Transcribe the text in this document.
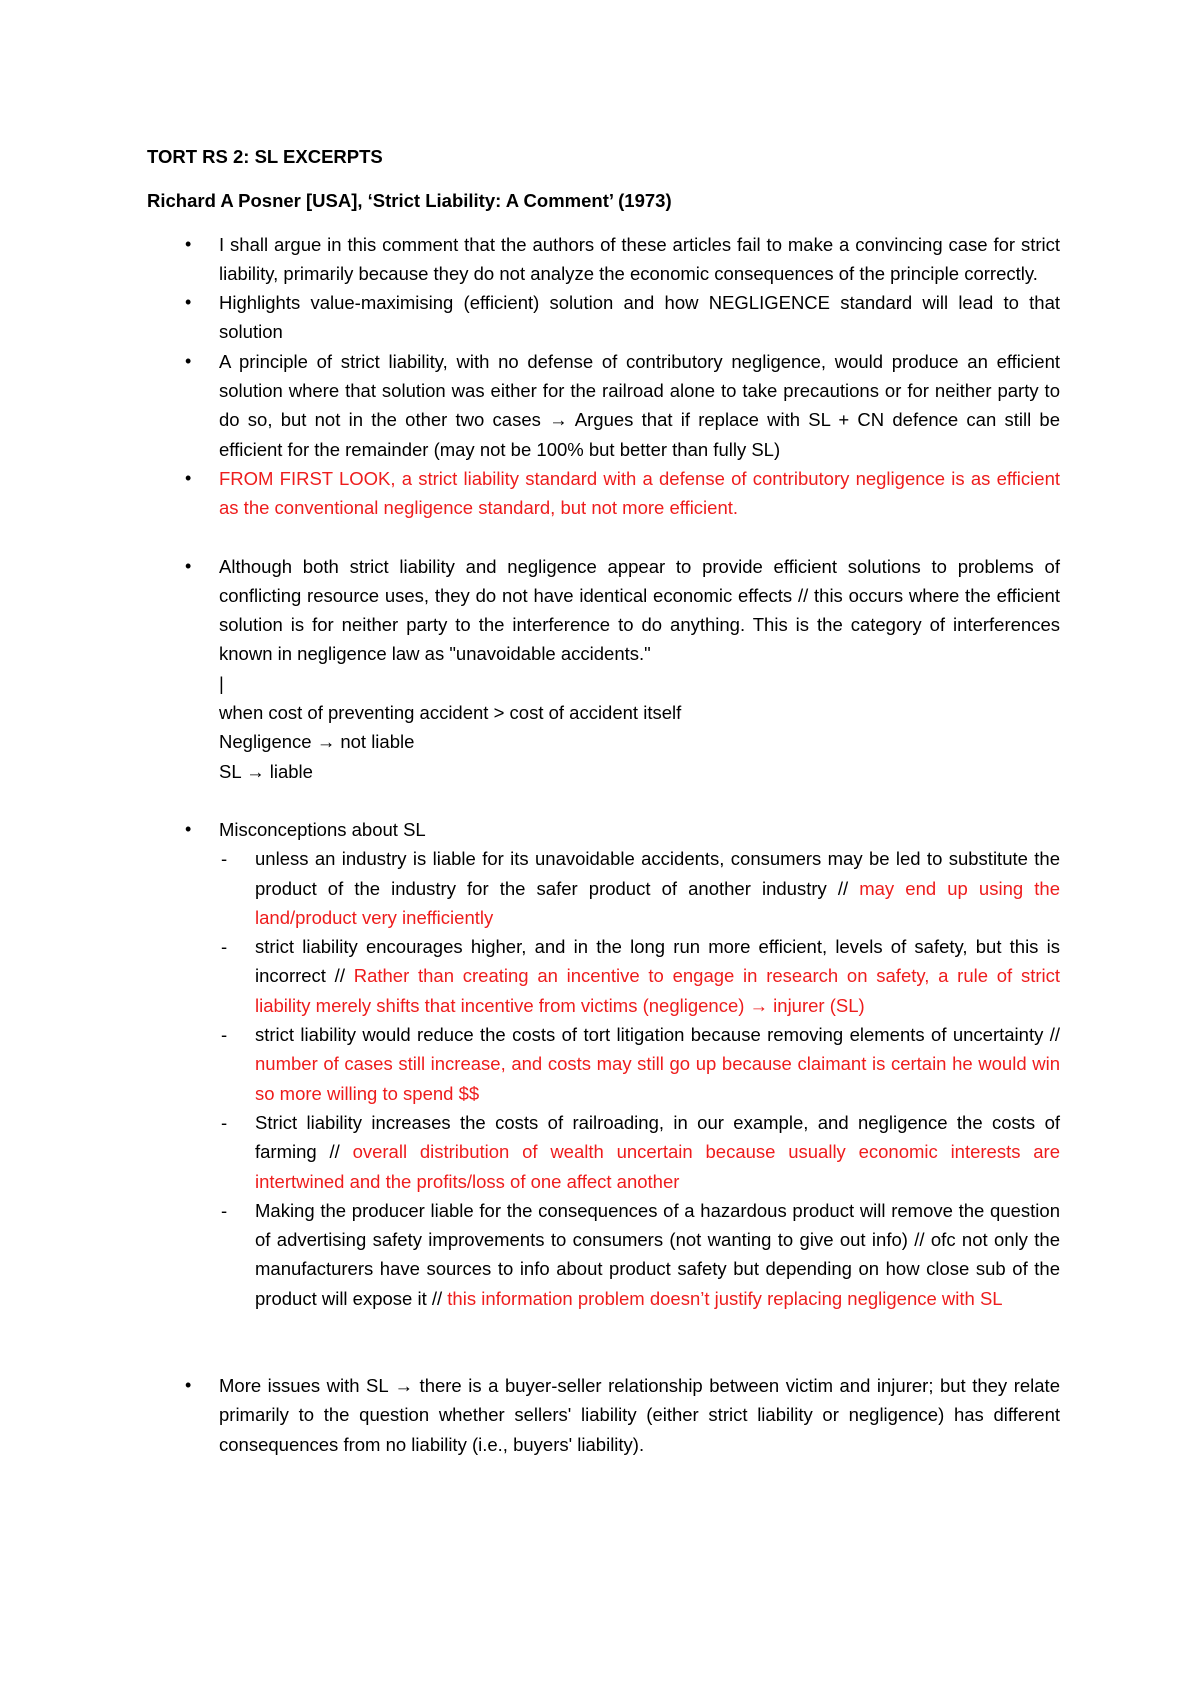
TORT RS 2: SL EXCERPTS
Richard A Posner [USA], ‘Strict Liability: A Comment’ (1973)
• I shall argue in this comment that the authors of these articles fail to make a convincing case for strict liability, primarily because they do not analyze the economic consequences of the principle correctly.
• Highlights value-maximising (efficient) solution and how NEGLIGENCE standard will lead to that solution
• A principle of strict liability, with no defense of contributory negligence, would produce an efficient solution where that solution was either for the railroad alone to take precautions or for neither party to do so, but not in the other two cases → Argues that if replace with SL + CN defence can still be efficient for the remainder (may not be 100% but better than fully SL)
• FROM FIRST LOOK, a strict liability standard with a defense of contributory negligence is as efficient as the conventional negligence standard, but not more efficient.
• Although both strict liability and negligence appear to provide efficient solutions to problems of conflicting resource uses, they do not have identical economic effects // this occurs where the efficient solution is for neither party to the interference to do anything. This is the category of interferences known in negligence law as "unavoidable accidents."
|
when cost of preventing accident > cost of accident itself
Negligence → not liable
SL → liable
• Misconceptions about SL
- unless an industry is liable for its unavoidable accidents, consumers may be led to substitute the product of the industry for the safer product of another industry // may end up using the land/product very inefficiently
- strict liability encourages higher, and in the long run more efficient, levels of safety, but this is incorrect // Rather than creating an incentive to engage in research on safety, a rule of strict liability merely shifts that incentive from victims (negligence) → injurer (SL)
- strict liability would reduce the costs of tort litigation because removing elements of uncertainty // number of cases still increase, and costs may still go up because claimant is certain he would win so more willing to spend $$
- Strict liability increases the costs of railroading, in our example, and negligence the costs of farming // overall distribution of wealth uncertain because usually economic interests are intertwined and the profits/loss of one affect another
- Making the producer liable for the consequences of a hazardous product will remove the question of advertising safety improvements to consumers (not wanting to give out info) // ofc not only the manufacturers have sources to info about product safety but depending on how close sub of the product will expose it // this information problem doesn’t justify replacing negligence with SL
• More issues with SL → there is a buyer-seller relationship between victim and injurer; but they relate primarily to the question whether sellers' liability (either strict liability or negligence) has different consequences from no liability (i.e., buyers' liability).
